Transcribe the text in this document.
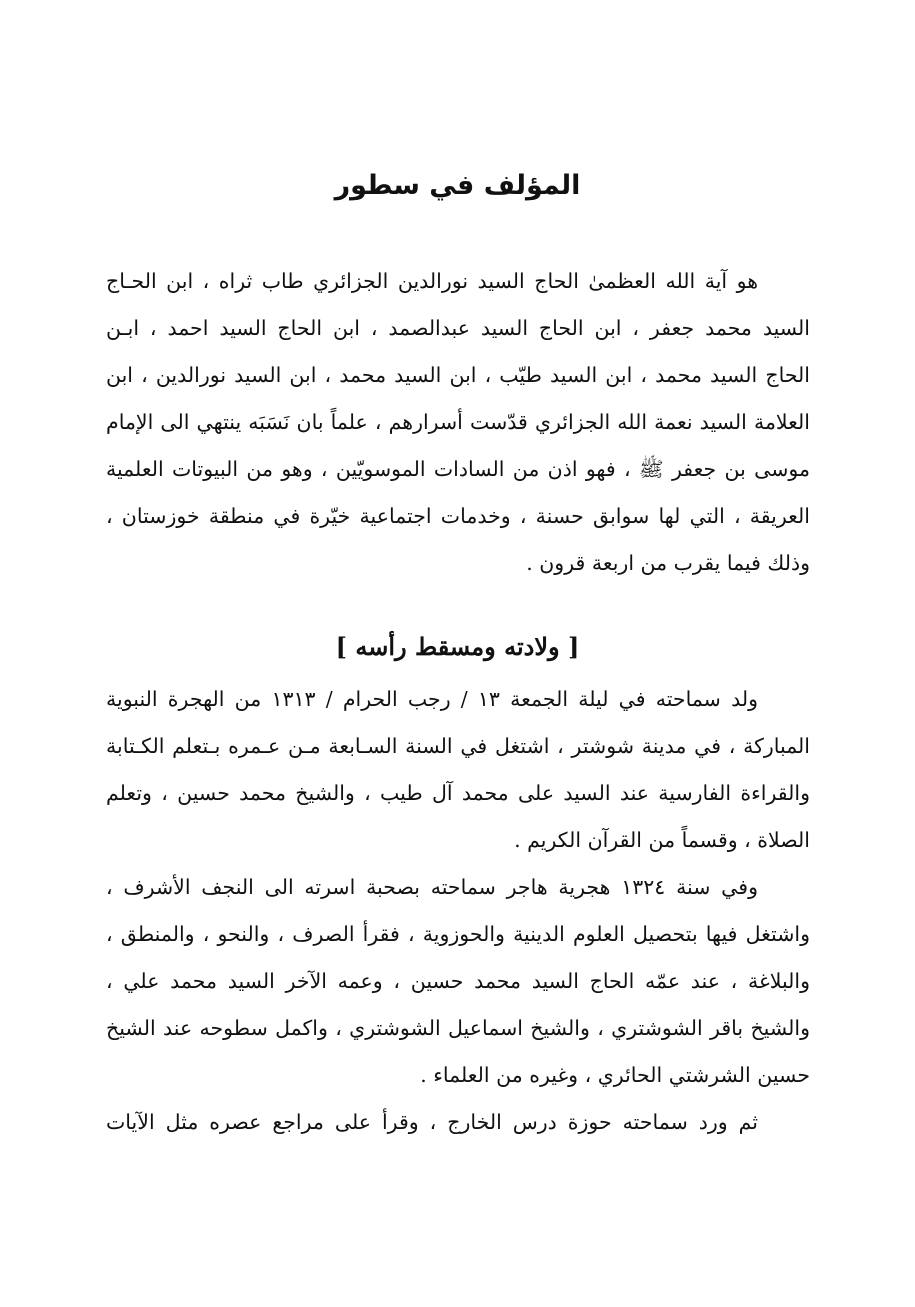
المؤلف في سطور
هو آية الله العظمىٰ الحاج السيد نورالدين الجزائري طاب ثراه ، ابن الحـاج
السيد محمد جعفر ، ابن الحاج السيد عبدالصمد ، ابن الحاج السيد احمد ، ابـن
الحاج السيد محمد ، ابن السيد طيّب ، ابن السيد محمد ، ابن السيد نورالدين ، ابن
العلامة السيد نعمة الله الجزائري قدّست أسرارهم ، علماً بان نَسَبَه ينتهي الى الإمام
موسى بن جعفر ﷺ ، فهو اذن من السادات الموسويّين ، وهو من البيوتات العلمية
العريقة ، التي لها سوابق حسنة ، وخدمات اجتماعية خيّرة في منطقة خوزستان ،
وذلك فيما يقرب من اربعة قرون .
[ ولادته ومسقط رأسه ]
ولد سماحته في ليلة الجمعة ١٣ / رجب الحرام / ١٣١٣ من الهجرة النبوية
المباركة ، في مدينة شوشتر ، اشتغل في السنة السـابعة مـن عـمره بـتعلم الكـتابة
والقراءة الفارسية عند السيد على محمد آل طيب ، والشيخ محمد حسين ، وتعلم
الصلاة ، وقسماً من القرآن الكريم .
وفي سنة ١٣٢٤ هجرية هاجر سماحته بصحبة اسرته الى النجف الأشرف ،
واشتغل فيها بتحصيل العلوم الدينية والحوزوية ، فقرأ الصرف ، والنحو ، والمنطق ،
والبلاغة ، عند عمّه الحاج السيد محمد حسين ، وعمه الآخر السيد محمد علي ،
والشيخ باقر الشوشتري ، والشيخ اسماعيل الشوشتري ، واكمل سطوحه عند الشيخ
حسين الشرشتي الحائري ، وغيره من العلماء .
ثم ورد سماحته حوزة درس الخارج ، وقرأ على مراجع عصره مثل الآيات
